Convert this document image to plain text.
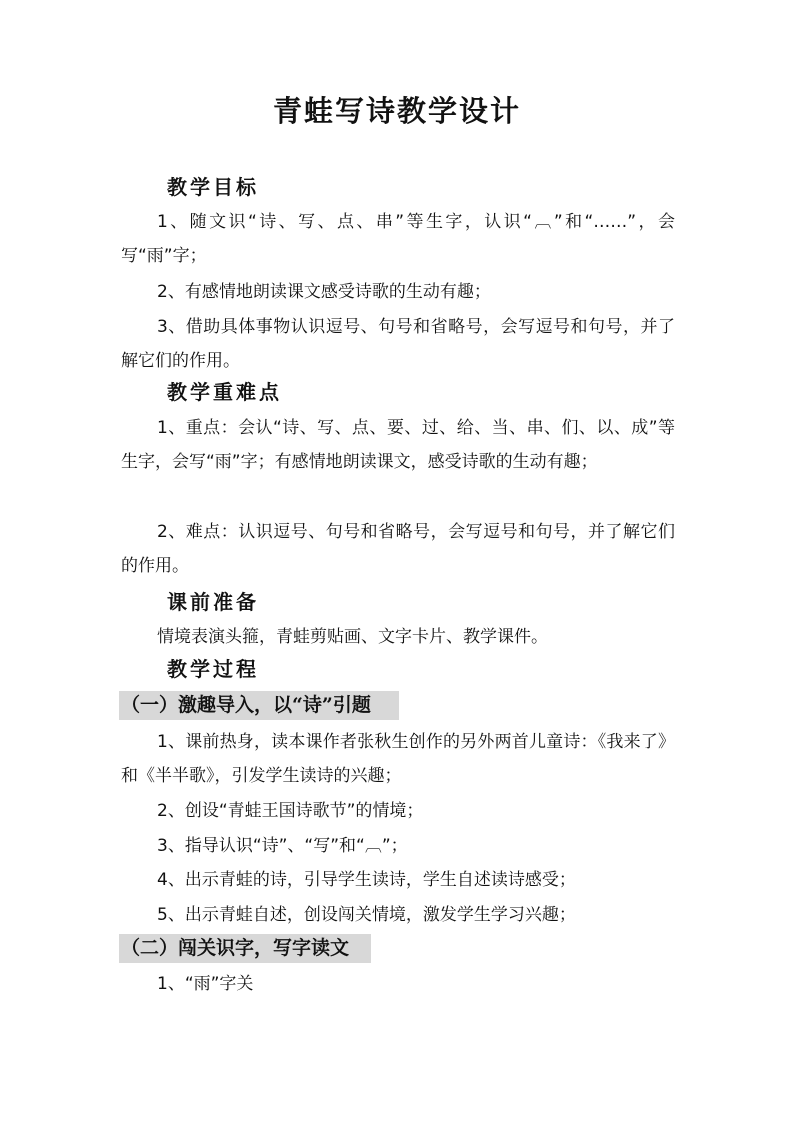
青蛙写诗教学设计
教学目标

1、随文识“诗、写、点、串”等生字，认识“︹”和“……”，会写“雨”字；

2、有感情地朗读课文感受诗歌的生动有趣；

3、借助具体事物认识逗号、句号和省略号，会写逗号和句号，并了解它们的作用。

教学重难点

1、重点：会认“诗、写、点、要、过、给、当、串、们、以、成”等生字，会写“雨”字；有感情地朗读课文，感受诗歌的生动有趣；

2、难点：认识逗号、句号和省略号，会写逗号和句号，并了解它们的作用。

课前准备

情境表演头箍，青蛙剪贴画、文字卡片、教学课件。

教学过程
（一）激趣导入，以“诗”引题

1、课前热身，读本课作者张秋生创作的另外两首儿童诗：《我来了》和《半半歌》，引发学生读诗的兴趣；

2、创设“青蛙王国诗歌节”的情境；

3、指导认识“诗”、“写”和“︹”；

4、出示青蛙的诗，引导学生读诗，学生自述读诗感受；

5、出示青蛙自述，创设闯关情境，激发学生学习兴趣；

（二）闯关识字，写字读文

1、“雨”字关
